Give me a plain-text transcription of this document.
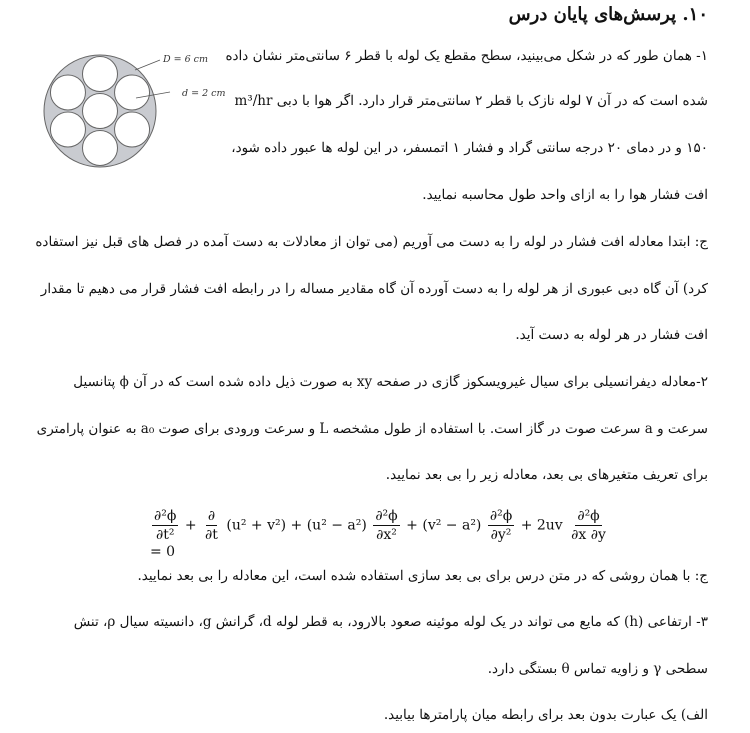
۱۰. پرسش‌های پایان درس
D = 6 cm
d = 2 cm
۱- همان طور که در شکل می‌بینید، سطح مقطع یک لوله با قطر ۶ سانتی‌متر نشان داده
شده است که در آن ۷ لوله نازک با قطر ۲ سانتی‌متر قرار دارد. اگر هوا با دبی m³/hr
۱۵۰ و در دمای ۲۰ درجه سانتی گراد و فشار ۱ اتمسفر، در این لوله ها عبور داده شود،
افت فشار هوا را به ازای واحد طول محاسبه نمایید.
ج: ابتدا معادله افت فشار در لوله را به دست می آوریم (می توان از معادلات به دست آمده در فصل های قبل نیز استفاده
کرد) آن گاه دبی عبوری از هر لوله را به دست آورده آن گاه مقادیر مساله را در رابطه افت فشار قرار می دهیم تا مقدار
افت فشار در هر لوله به دست آید.
۲-معادله دیفرانسیلی برای سیال غیرویسکوز گازی در صفحه xy به صورت ذیل داده شده است که در آن ϕ پتانسیل
سرعت و a سرعت صوت در گاز است. با استفاده از طول مشخصه L و سرعت ورودی برای صوت a₀ به عنوان پارامتری
برای تعریف متغیرهای بی بعد، معادله زیر را بی بعد نمایید.
$\frac{\text{∂²ϕ}}{\text{∂t²}} + \frac{\partial}{\partial t} (u^2 + v^2) + (u^2 - a^2) \frac{\text{∂²ϕ}}{\text{∂x²}} + (v^2 - a^2) \frac{\text{∂²ϕ}}{\text{∂y²}} + 2uv \frac{\text{∂²ϕ}}{\partial x \partial y}$
= 0
ج: با همان روشی که در متن درس برای بی بعد سازی استفاده شده است، این معادله را بی بعد نمایید.
۳- ارتفاعی (h) که مایع می تواند در یک لوله موئینه صعود بالارود، به قطر لوله d، گرانش g، دانسیته سیال ρ، تنش
سطحی γ و زاویه تماس θ بستگی دارد.
الف) یک عبارت بدون بعد برای رابطه میان پارامترها بیابید.
